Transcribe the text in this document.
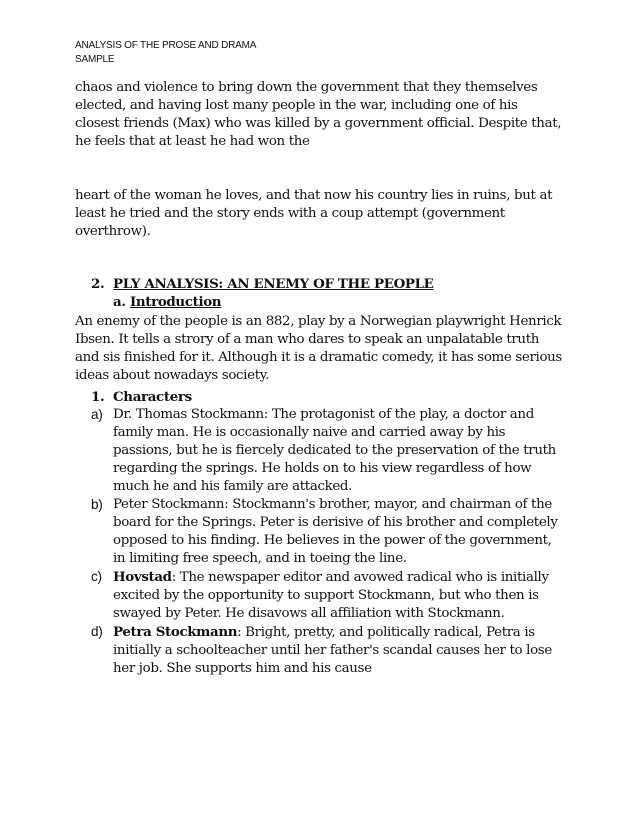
ANALYSIS OF THE PROSE AND DRAMA
SAMPLE

chaos and violence to bring down the government that they themselves elected, and having lost many people in the war, including one of his closest friends (Max) who was killed by a government official. Despite that, he feels that at least he had won the

heart of the woman he loves, and that now his country lies in ruins, but at least he tried and the story ends with a coup attempt (government overthrow).

2. PLY ANALYSIS: AN ENEMY OF THE PEOPLE
a. Introduction

An enemy of the people is an 882, play by a Norwegian playwright Henrick Ibsen. It tells a strory of a man who dares to speak an unpalatable truth and sis finished for it. Although it is a dramatic comedy, it has some serious ideas about nowadays society.

1. Characters
a) Dr. Thomas Stockmann: The protagonist of the play, a doctor and family man. He is occasionally naive and carried away by his passions, but he is fiercely dedicated to the preservation of the truth regarding the springs. He holds on to his view regardless of how much he and his family are attacked.
b) Peter Stockmann: Stockmann's brother, mayor, and chairman of the board for the Springs. Peter is derisive of his brother and completely opposed to his finding. He believes in the power of the government, in limiting free speech, and in toeing the line.
c) Hovstad: The newspaper editor and avowed radical who is initially excited by the opportunity to support Stockmann, but who then is swayed by Peter. He disavows all affiliation with Stockmann.
d) Petra Stockmann: Bright, pretty, and politically radical, Petra is initially a schoolteacher until her father's scandal causes her to lose her job. She supports him and his cause
